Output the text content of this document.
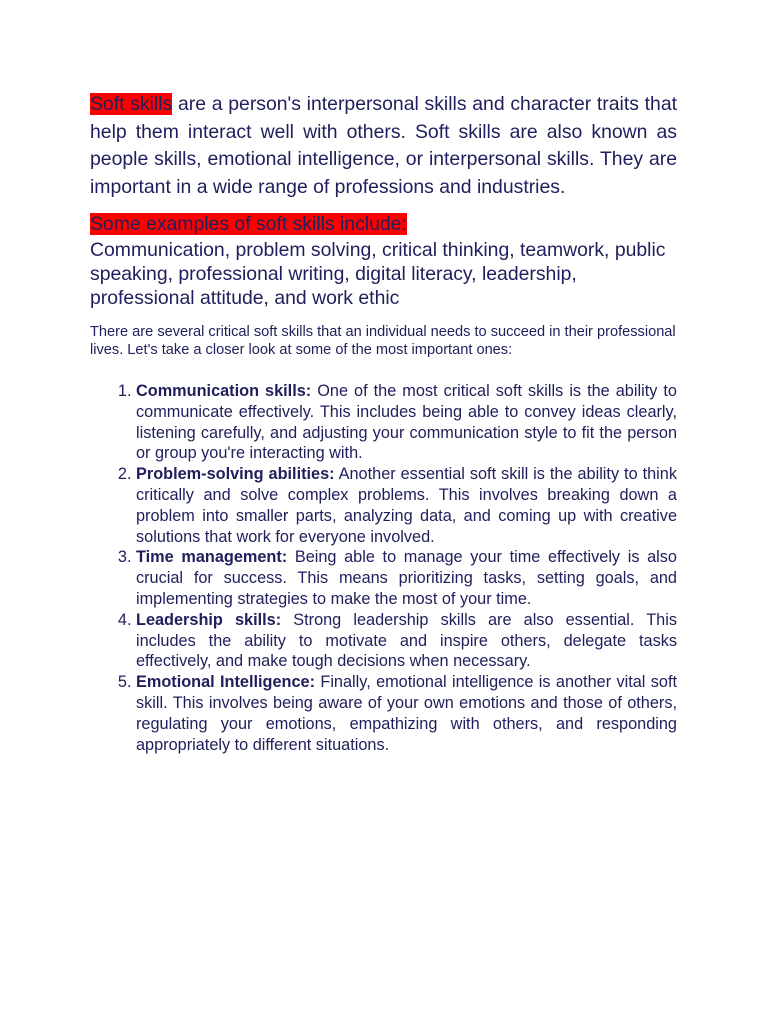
Soft skills are a person's interpersonal skills and character traits that help them interact well with others. Soft skills are also known as people skills, emotional intelligence, or interpersonal skills. They are important in a wide range of professions and industries.

Some examples of soft skills include:

Communication, problem solving, critical thinking, teamwork, public speaking, professional writing, digital literacy, leadership, professional attitude, and work ethic

There are several critical soft skills that an individual needs to succeed in their professional lives. Let's take a closer look at some of the most important ones:

1. Communication skills: One of the most critical soft skills is the ability to communicate effectively. This includes being able to convey ideas clearly, listening carefully, and adjusting your communication style to fit the person or group you're interacting with.
2. Problem-solving abilities: Another essential soft skill is the ability to think critically and solve complex problems. This involves breaking down a problem into smaller parts, analyzing data, and coming up with creative solutions that work for everyone involved.
3. Time management: Being able to manage your time effectively is also crucial for success. This means prioritizing tasks, setting goals, and implementing strategies to make the most of your time.
4. Leadership skills: Strong leadership skills are also essential. This includes the ability to motivate and inspire others, delegate tasks effectively, and make tough decisions when necessary.
5. Emotional Intelligence: Finally, emotional intelligence is another vital soft skill. This involves being aware of your own emotions and those of others, regulating your emotions, empathizing with others, and responding appropriately to different situations.
